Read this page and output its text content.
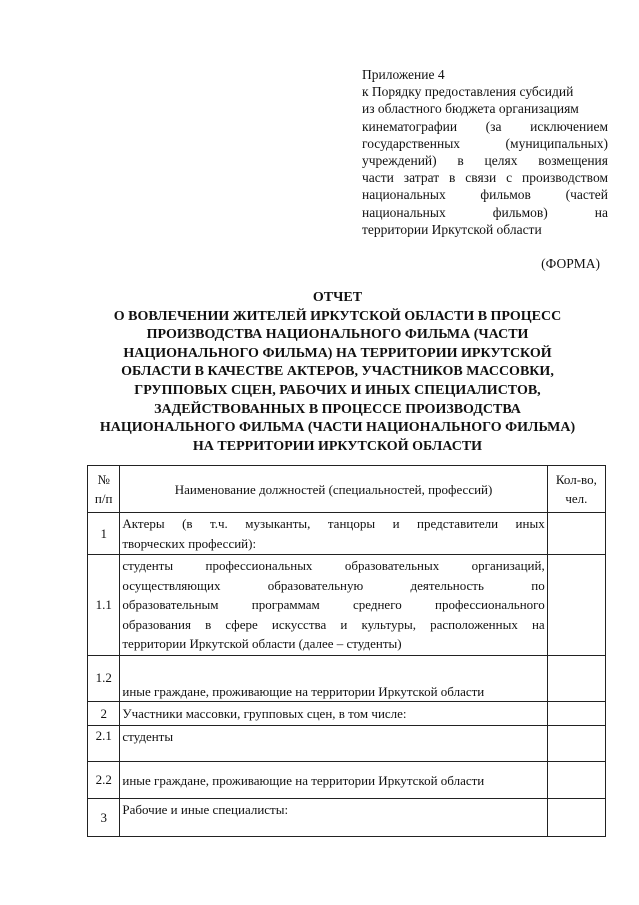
Приложение 4
к Порядку предоставления субсидий
из областного бюджета организациям
кинематографии (за исключением
государственных (муниципальных)
учреждений) в целях возмещения
части затрат в связи с производством
национальных фильмов (частей
национальных фильмов) на
территории Иркутской области
(ФОРМА)
ОТЧЕТ
О ВОВЛЕЧЕНИИ ЖИТЕЛЕЙ ИРКУТСКОЙ ОБЛАСТИ В ПРОЦЕСС
ПРОИЗВОДСТВА НАЦИОНАЛЬНОГО ФИЛЬМА (ЧАСТИ
НАЦИОНАЛЬНОГО ФИЛЬМА) НА ТЕРРИТОРИИ ИРКУТСКОЙ
ОБЛАСТИ В КАЧЕСТВЕ АКТЕРОВ, УЧАСТНИКОВ МАССОВКИ,
ГРУППОВЫХ СЦЕН, РАБОЧИХ И ИНЫХ СПЕЦИАЛИСТОВ,
ЗАДЕЙСТВОВАННЫХ В ПРОЦЕССЕ ПРОИЗВОДСТВА
НАЦИОНАЛЬНОГО ФИЛЬМА (ЧАСТИ НАЦИОНАЛЬНОГО ФИЛЬМА)
НА ТЕРРИТОРИИ ИРКУТСКОЙ ОБЛАСТИ
№
п/п	Наименование должностей (специальностей, профессий)	Кол-во,
чел.

1	Актеры (в т.ч. музыканты, танцоры и представители иных
творческих профессий):	

1.1	студенты профессиональных образовательных организаций,
осуществляющих образовательную деятельность по
образовательным программам среднего профессионального
образования в сфере искусства и культуры, расположенных на
территории Иркутской области (далее – студенты)	

1.2	иные граждане, проживающие на территории Иркутской области	

2	Участники массовки, групповых сцен, в том числе:	

2.1	студенты	

2.2	иные граждане, проживающие на территории Иркутской области	

3	Рабочие и иные специалисты:	
